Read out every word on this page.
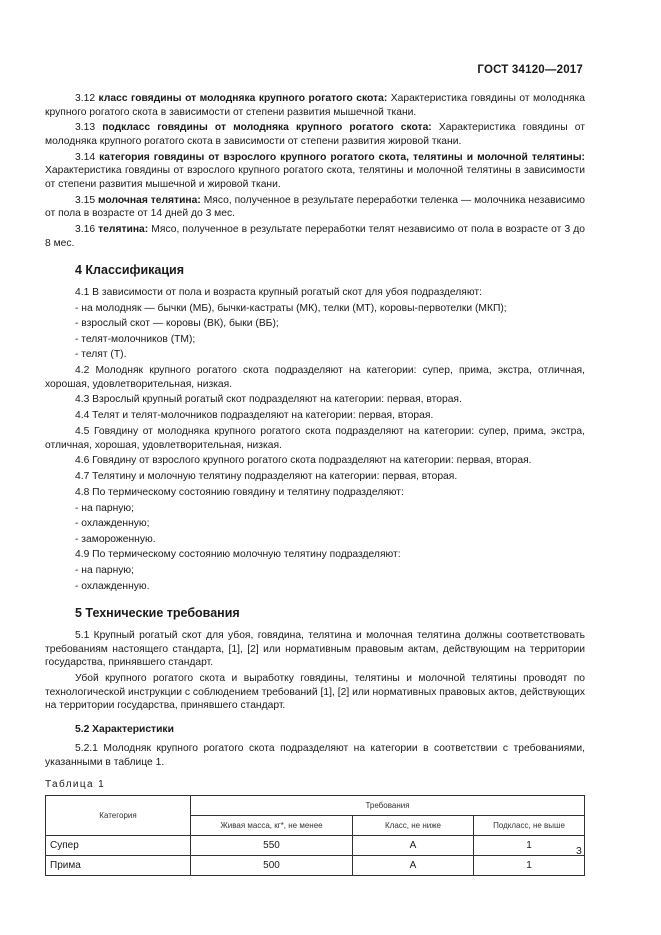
ГОСТ 34120—2017

3.12 класс говядины от молодняка крупного рогатого скота: Характеристика говядины от молодняка крупного рогатого скота в зависимости от степени развития мышечной ткани.

3.13 подкласс говядины от молодняка крупного рогатого скота: Характеристика говядины от молодняка крупного рогатого скота в зависимости от степени развития жировой ткани.

3.14 категория говядины от взрослого крупного рогатого скота, телятины и молочной телятины: Характеристика говядины от взрослого крупного рогатого скота, телятины и молочной телятины в зависимости от степени развития мышечной и жировой ткани.

3.15 молочная телятина: Мясо, полученное в результате переработки теленка — молочника независимо от пола в возрасте от 14 дней до 3 мес.

3.16 телятина: Мясо, полученное в результате переработки телят независимо от пола в возрасте от 3 до 8 мес.

4 Классификация

4.1 В зависимости от пола и возраста крупный рогатый скот для убоя подразделяют:

- на молодняк — бычки (МБ), бычки-кастраты (МК), телки (МТ), коровы-первотелки (МКП);

- взрослый скот — коровы (ВК), быки (ВБ);

- телят-молочников (ТМ);

- телят (Т).

4.2 Молодняк крупного рогатого скота подразделяют на категории: супер, прима, экстра, отличная, хорошая, удовлетворительная, низкая.

4.3 Взрослый крупный рогатый скот подразделяют на категории: первая, вторая.

4.4 Телят и телят-молочников подразделяют на категории: первая, вторая.

4.5 Говядину от молодняка крупного рогатого скота подразделяют на категории: супер, прима, экстра, отличная, хорошая, удовлетворительная, низкая.

4.6 Говядину от взрослого крупного рогатого скота подразделяют на категории: первая, вторая.

4.7 Телятину и молочную телятину подразделяют на категории: первая, вторая.

4.8 По термическому состоянию говядину и телятину подразделяют:

- на парную;

- охлажденную;

- замороженную.

4.9 По термическому состоянию молочную телятину подразделяют:

- на парную;

- охлажденную.

5 Технические требования

5.1 Крупный рогатый скот для убоя, говядина, телятина и молочная телятина должны соответствовать требованиям настоящего стандарта, [1], [2] или нормативным правовым актам, действующим на территории государства, принявшего стандарт.

Убой крупного рогатого скота и выработку говядины, телятины и молочной телятины проводят по технологической инструкции с соблюдением требований [1], [2] или нормативных правовых актов, действующих на территории государства, принявшего стандарт.

5.2 Характеристики

5.2.1 Молодняк крупного рогатого скота подразделяют на категории в соответствии с требованиями, указанными в таблице 1.

Таблица 1
Категория	Требования		
	Живая масса, кг*, не менее	Класс, не ниже	Подкласс, не выше
Супер	550	А	1
Прима	500	А	1
3
